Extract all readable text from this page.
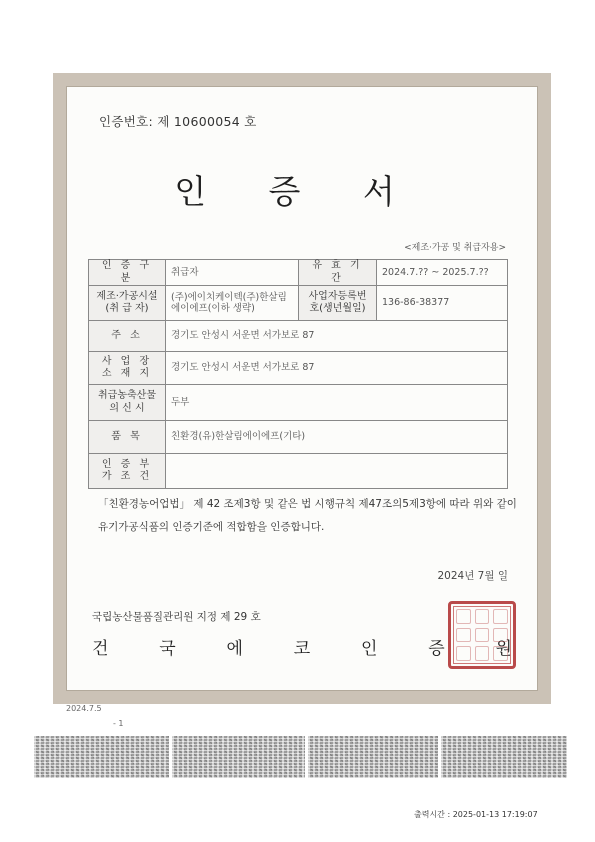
인증번호: 제 10600054 호
인 증 서
<제조·가공 및 취급자용>
인 증 구 분	취급자	유 효 기 간	2024.7.?? ~ 2025.7.??
제조·가공시설 (취 급 자)	(주)에이치케이텍(주)한살림에이에프(이하 생략)	사업자등록번호(생년월일)	136-86-38377
주 소	경기도 안성시 서운면 서가보로 87		
사 업 장 소 재 지	경기도 안성시 서운면 서가보로 87		
취급농축산물 의 신 시	두부		
품 목	친환경(유)한살림에이에프(기타)		
인 증 부 가 조 건			
「친환경농어업법」 제 42 조제3항 및 같은 법 시행규칙 제47조의5제3항에 따라 위와 같이
유기가공식품의 인증기준에 적합함을 인증합니다.
2024년 7월 일
국립농산물품질관리원 지정 제 29 호
건	국	에	코	인	증	원
2024.7.5
- 1
출력시간 : 2025-01-13 17:19:07
